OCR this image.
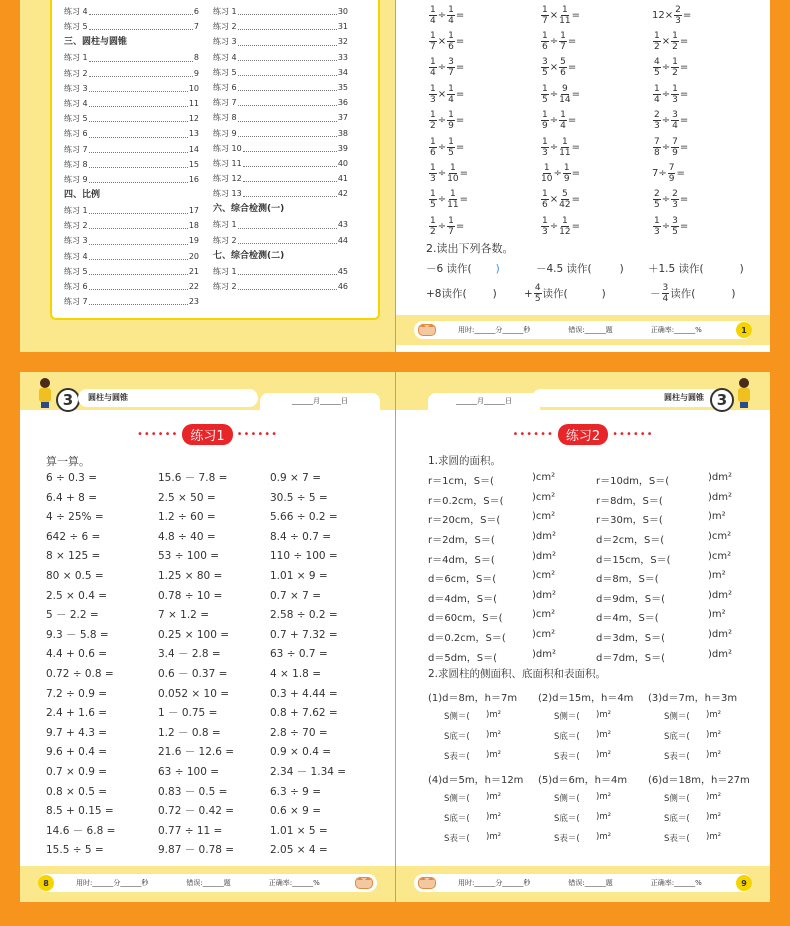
练习 4	6
练习 5	7
三、圆柱与圆锥
练习 1	8
练习 2	9
练习 3	10
练习 4	11
练习 5	12
练习 6	13
练习 7	14
练习 8	15
练习 9	16
四、比例
练习 1	17
练习 2	18
练习 3	19
练习 4	20
练习 5	21
练习 6	22
练习 7	23
练习 1	30
练习 2	31
练习 3	32
练习 4	33
练习 5	34
练习 6	35
练习 7	36
练习 8	37
练习 9	38
练习 10	39
练习 11	40
练习 12	41
练习 13	42
六、综合检测(一)
练习 1	43
练习 2	44
七、综合检测(二)
练习 1	45
练习 2	46
$\frac{1}{4} \div \frac{1}{4}$ =	$\frac{1}{7} \times \frac{1}{11}$ =	$12\times \frac{2}{3}$ =
$\frac{1}{7} \times \frac{1}{6}$ =	$\frac{1}{6} \div \frac{1}{7}$ =	$\frac{1}{2} \times \frac{1}{2}$ =
$\frac{1}{4} \div \frac{3}{7}$ =	$\frac{3}{5} \times \frac{5}{6}$ =	$\frac{4}{5} \div \frac{1}{2}$ =
$\frac{1}{3} \times \frac{1}{4}$ =	$\frac{1}{5} \div \frac{9}{14}$ =	$\frac{1}{4} \div \frac{1}{3}$ =
$\frac{1}{2} \div \frac{1}{9}$ =	$\frac{1}{9} \div \frac{1}{4}$ =	$\frac{2}{3} \div \frac{3}{4}$ =
$\frac{1}{6} \div \frac{1}{5}$ =	$\frac{1}{3} \div \frac{1}{11}$ =	$\frac{7}{8} \div \frac{7}{9}$ =
$\frac{1}{3} \div \frac{1}{10}$ =	$\frac{1}{10} \div \frac{1}{9}$ =	$7\div \frac{7}{9}$ =
$\frac{1}{5} \div \frac{1}{11}$ =	$\frac{1}{6} \times \frac{5}{42}$ =	$\frac{2}{5} \div \frac{2}{3}$ =
$\frac{1}{2} \div \frac{1}{7}$ =	$\frac{1}{3} \div \frac{1}{12}$ =	$\frac{1}{3} \div \frac{3}{5}$ =
2.读出下列各数。
－6 读作( )	－4.5 读作(	)	＋1.5 读作(	)
+8读作( )	+ $\frac{4}{5}$ 读作(	)	－ $\frac{3}{4}$ 读作(	)
用时:______分______秒	错误:______题	正确率:______%	1
3	圆柱与圆锥	______月______日
•••••• 练习1	••••••
算一算。
6 ÷ 0.3 =	15.6 － 7.8 =	0.9 × 7 =
6.4 + 8 =	2.5 × 50 =	30.5 ÷ 5 =
4 ÷ 25% =	1.2 ÷ 60 =	5.66 ÷ 0.2 =
642 ÷ 6 =	4.8 ÷ 40 =	8.4 ÷ 0.7 =
8 × 125 =	53 ÷ 100 =	110 ÷ 100 =
80 × 0.5 =	1.25 × 80 =	1.01 × 9 =
2.5 × 0.4 =	0.78 ÷ 10 =	0.7 × 7 =
5 － 2.2 =	7 × 1.2 =	2.58 ÷ 0.2 =
9.3 － 5.8 =	0.25 × 100 =	0.7 + 7.32 =
4.4 + 0.6 =	3.4 － 2.8 =	63 ÷ 0.7 =
0.72 ÷ 0.8 =	0.6 － 0.37 =	4 × 1.8 =
7.2 ÷ 0.9 =	0.052 × 10 =	0.3 + 4.44 =
2.4 + 1.6 =	1 － 0.75 =	0.8 + 7.62 =
9.7 + 4.3 =	1.2 － 0.8 =	2.8 ÷ 70 =
9.6 + 0.4 =	21.6 － 12.6 =	0.9 × 0.4 =
0.7 × 0.9 =	63 ÷ 100 =	2.34 － 1.34 =
0.8 × 0.5 =	0.83 － 0.5 =	6.3 ÷ 9 =
8.5 + 0.15 =	0.72 － 0.42 =	0.6 × 9 =
14.6 － 6.8 =	0.77 ÷ 11 =	1.01 × 5 =
15.5 ÷ 5 =	9.87 － 0.78 =	2.05 × 4 =
8	用时:______分______秒	错误:______题	正确率:______%
______月______日	圆柱与圆锥 3
•••••• 练习2	••••••
1.求圆的面积。
r＝1cm，S＝(	)cm²	r＝10dm，S＝(	)dm²
r＝0.2cm，S＝(	)cm²	r＝8dm，S＝(	)dm²
r＝20cm，S＝(	)cm²	r＝30m，S＝(	)m²
r＝2dm，S＝(	)dm²	d＝2cm，S＝(	)cm²
r＝4dm，S＝(	)dm²	d＝15cm，S＝(	)cm²
d＝6cm，S＝(	)cm²	d＝8m，S＝(	)m²
d＝4dm，S＝(	)dm²	d＝9dm，S＝(	)dm²
d＝60cm，S＝(	)cm²	d＝4m，S＝(	)m²
d＝0.2cm，S＝(	)cm²	d＝3dm，S＝(	)dm²
d＝5dm，S＝(	)dm²	d＝7dm，S＝(	)dm²
2.求圆柱的侧面积、底面积和表面积。
(1)d＝8m，h＝7m	(2)d＝15m，h＝4m	(3)d＝7m，h＝3m
S侧＝(	)m²	S侧＝(	)m²	S侧＝(	)m²
S底＝(	)m²	S底＝(	)m²	S底＝(	)m²
S表＝(	)m²	S表＝(	)m²	S表＝(	)m²
(4)d＝5m，h＝12m	(5)d＝6m，h＝4m	(6)d＝18m，h＝27m
S侧＝(	)m²	S侧＝(	)m²	S侧＝(	)m²
S底＝(	)m²	S底＝(	)m²	S底＝(	)m²
S表＝(	)m²	S表＝(	)m²	S表＝(	)m²
用时:______分______秒	错误:______题	正确率:______%	9
